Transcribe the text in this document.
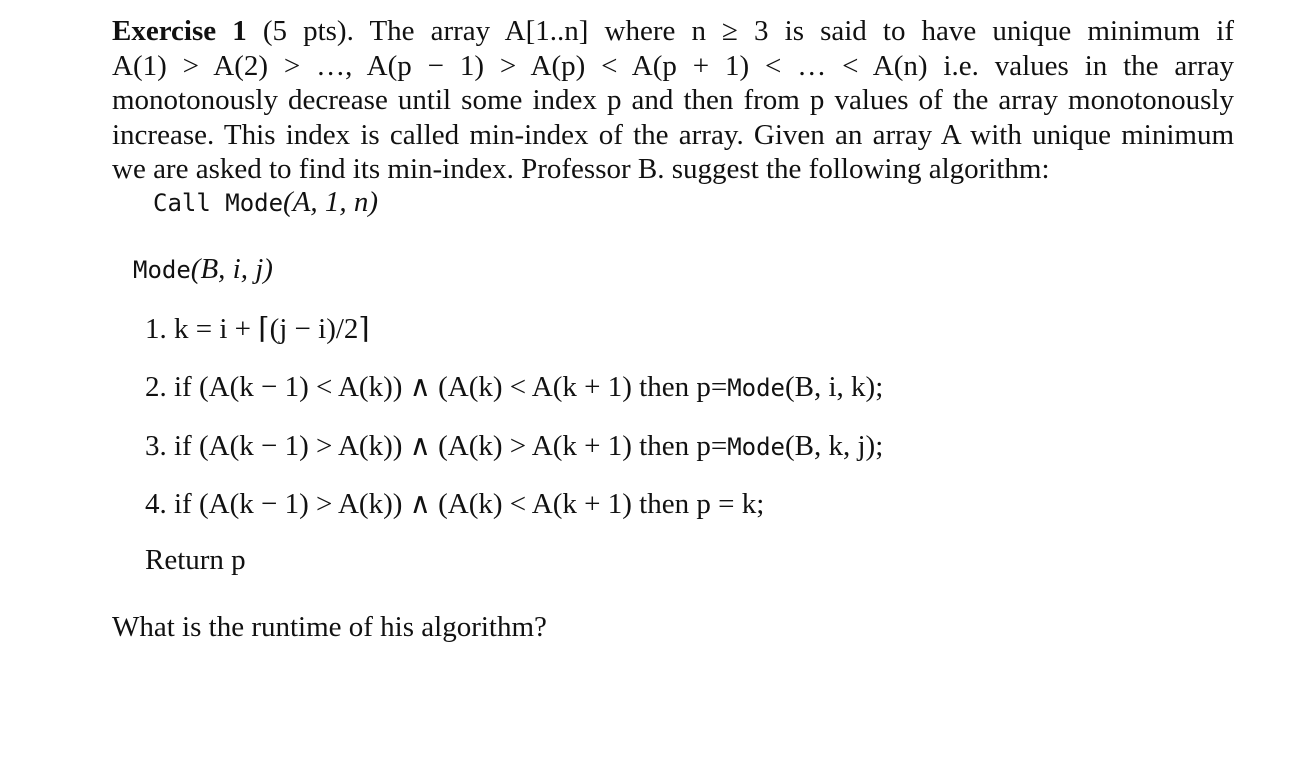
Exercise 1 (5 pts). The array A[1..n] where n ≥ 3 is said to have unique minimum if
A(1) > A(2) > …, A(p − 1) > A(p) < A(p + 1) < … < A(n) i.e. values in the array
monotonously decrease until some index p and then from p values of the array monotonously
increase. This index is called min-index of the array. Given an array A with unique minimum
we are asked to find its min-index. Professor B. suggest the following algorithm:
Call Mode(A, 1, n)
Mode(B, i, j)
1. k = i + ⌈(j − i)/2⌉
2. if (A(k − 1) < A(k)) ∧ (A(k) < A(k + 1) then p=Mode(B, i, k);
3. if (A(k − 1) > A(k)) ∧ (A(k) > A(k + 1) then p=Mode(B, k, j);
4. if (A(k − 1) > A(k)) ∧ (A(k) < A(k + 1) then p = k;
Return p
What is the runtime of his algorithm?
